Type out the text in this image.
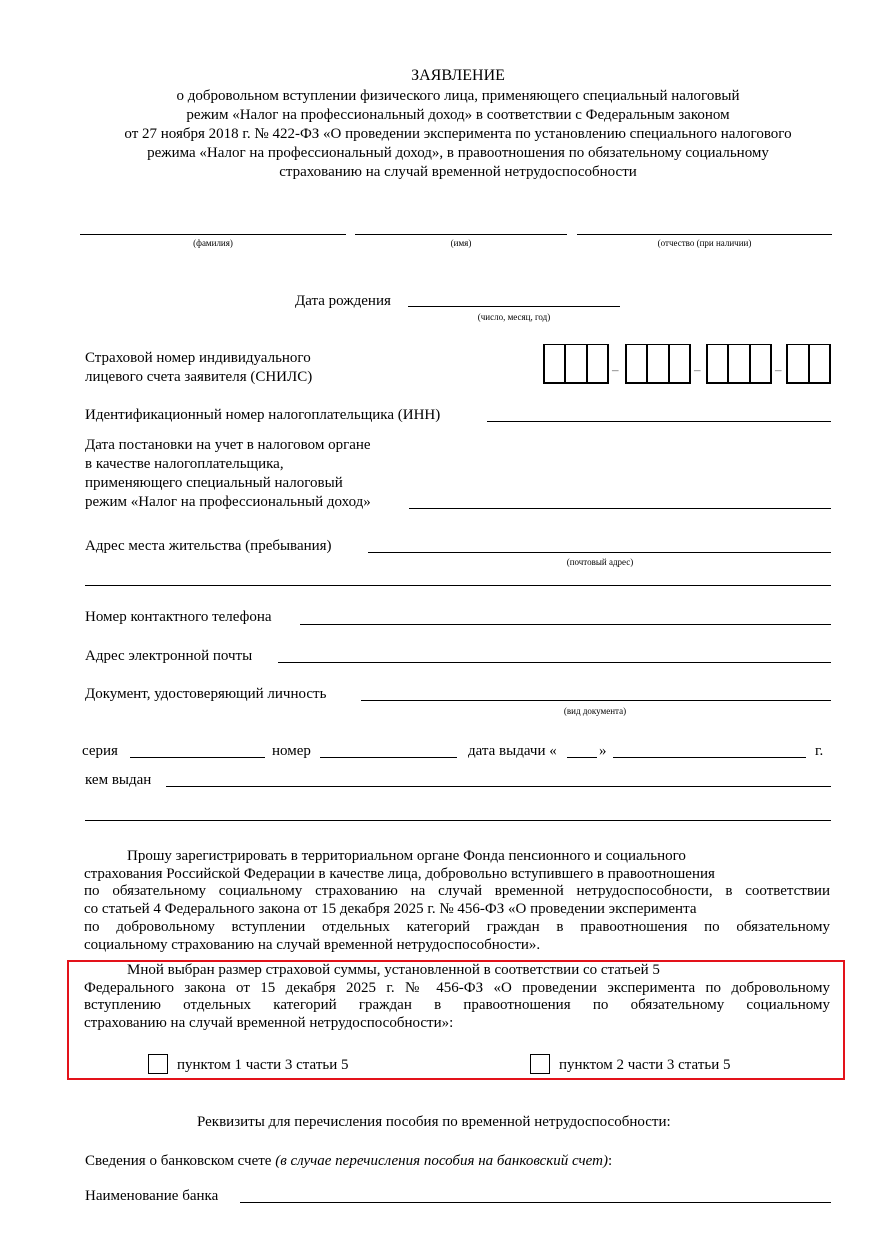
ЗАЯВЛЕНИЕ
о добровольном вступлении физического лица, применяющего специальный налоговый
режим «Налог на профессиональный доход» в соответствии с Федеральным законом
от 27 ноября 2018 г. № 422-ФЗ «О проведении эксперимента по установлению специального налогового
режима «Налог на профессиональный доход», в правоотношения по обязательному социальному
страхованию на случай временной нетрудоспособности
(фамилия)	(имя)	(отчество (при наличии)
Дата рождения
(число, месяц, год)
Страховой номер индивидуального
лицевого счета заявителя (СНИЛС)	–	–	–
Идентификационный номер налогоплательщика (ИНН)
Дата постановки на учет в налоговом органе
в качестве налогоплательщика,
применяющего специальный налоговый
режим «Налог на профессиональный доход»
Адрес места жительства (пребывания)
(почтовый адрес)
Номер контактного телефона
Адрес электронной почты
Документ, удостоверяющий личность
(вид документа)
серия	номер	дата выдачи «	»	г.
кем выдан
Прошу зарегистрировать в территориальном органе Фонда пенсионного и социального
страхования Российской Федерации в качестве лица, добровольно вступившего в правоотношения
по обязательному социальному страхованию на случай временной нетрудоспособности, в соответствии
со статьей 4 Федерального закона от 15 декабря 2025 г. № 456-ФЗ «О проведении эксперимента
по добровольному вступлении отдельных категорий граждан в правоотношения по обязательному
социальному страхованию на случай временной нетрудоспособности».
Мной выбран размер страховой суммы, установленной в соответствии со статьей 5
Федерального закона от 15 декабря 2025 г. № 456-ФЗ «О проведении эксперимента по добровольному
вступлению отдельных категорий граждан в правоотношения по обязательному социальному
страхованию на случай временной нетрудоспособности»:
пунктом 1 части 3 статьи 5	пунктом 2 части 3 статьи 5
Реквизиты для перечисления пособия по временной нетрудоспособности:
Сведения о банковском счете (в случае перечисления пособия на банковский счет):
Наименование банка
